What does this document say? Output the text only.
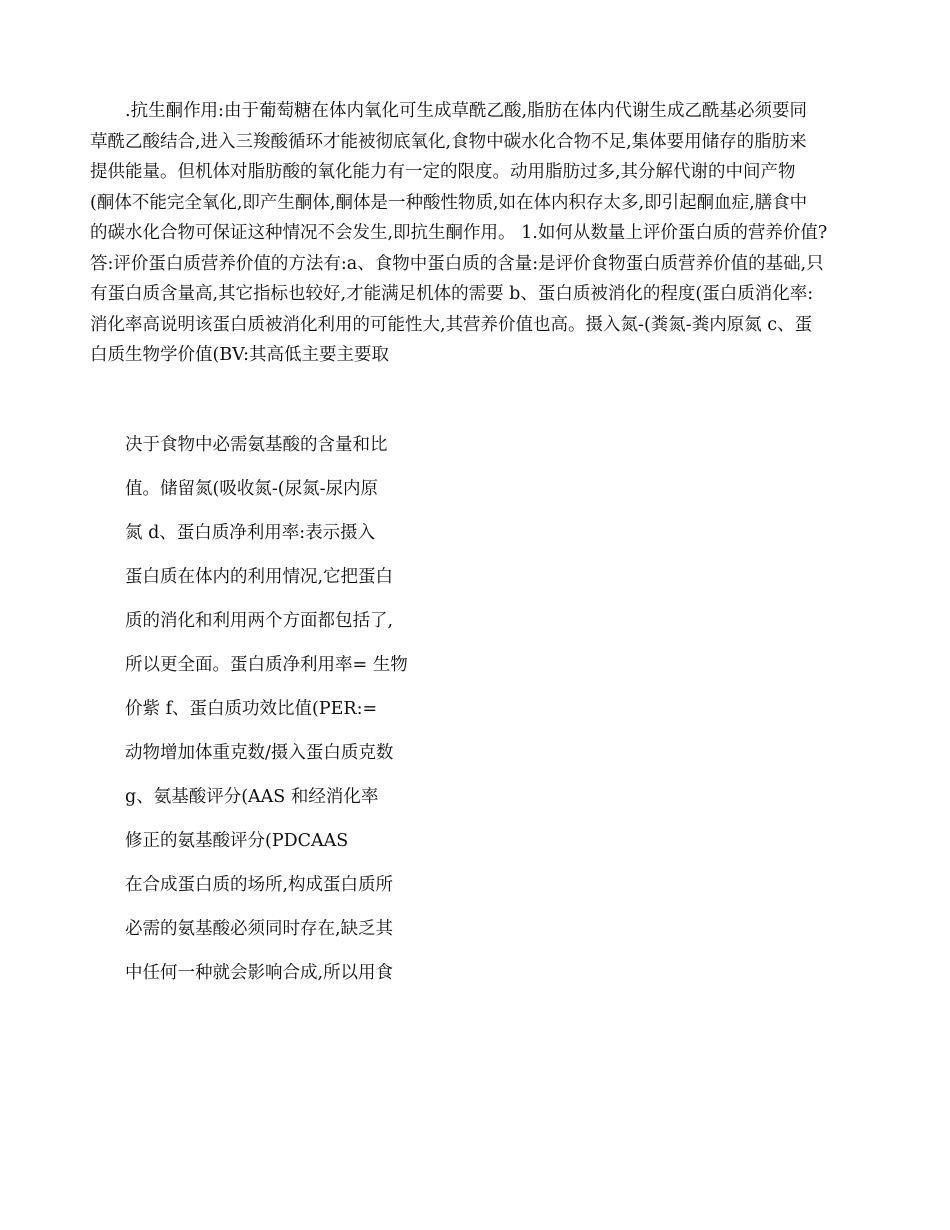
.抗生酮作用:由于葡萄糖在体内氧化可生成草酰乙酸,脂肪在体内代谢生成乙酰基必须要同
草酰乙酸结合,进入三羧酸循环才能被彻底氧化,食物中碳水化合物不足,集体要用储存的脂肪来
提供能量。但机体对脂肪酸的氧化能力有一定的限度。动用脂肪过多,其分解代谢的中间产物
(酮体不能完全氧化,即产生酮体,酮体是一种酸性物质,如在体内积存太多,即引起酮血症,膳食中
的碳水化合物可保证这种情况不会发生,即抗生酮作用。 1.如何从数量上评价蛋白质的营养价值?
答:评价蛋白质营养价值的方法有:a、食物中蛋白质的含量:是评价食物蛋白质营养价值的基础,只
有蛋白质含量高,其它指标也较好,才能满足机体的需要 b、蛋白质被消化的程度(蛋白质消化率:
消化率高说明该蛋白质被消化利用的可能性大,其营养价值也高。摄入氮-(粪氮-粪内原氮 c、蛋
白质生物学价值(BV:其高低主要主要取

决于食物中必需氨基酸的含量和比
值。储留氮(吸收氮-(尿氮-尿内原
氮 d、蛋白质净利用率:表示摄入
蛋白质在体内的利用情况,它把蛋白
质的消化和利用两个方面都包括了,
所以更全面。蛋白质净利用率= 生物
价紫 f、蛋白质功效比值(PER:=
动物增加体重克数/摄入蛋白质克数
g、氨基酸评分(AAS 和经消化率
修正的氨基酸评分(PDCAAS
在合成蛋白质的场所,构成蛋白质所
必需的氨基酸必须同时存在,缺乏其
中任何一种就会影响合成,所以用食
